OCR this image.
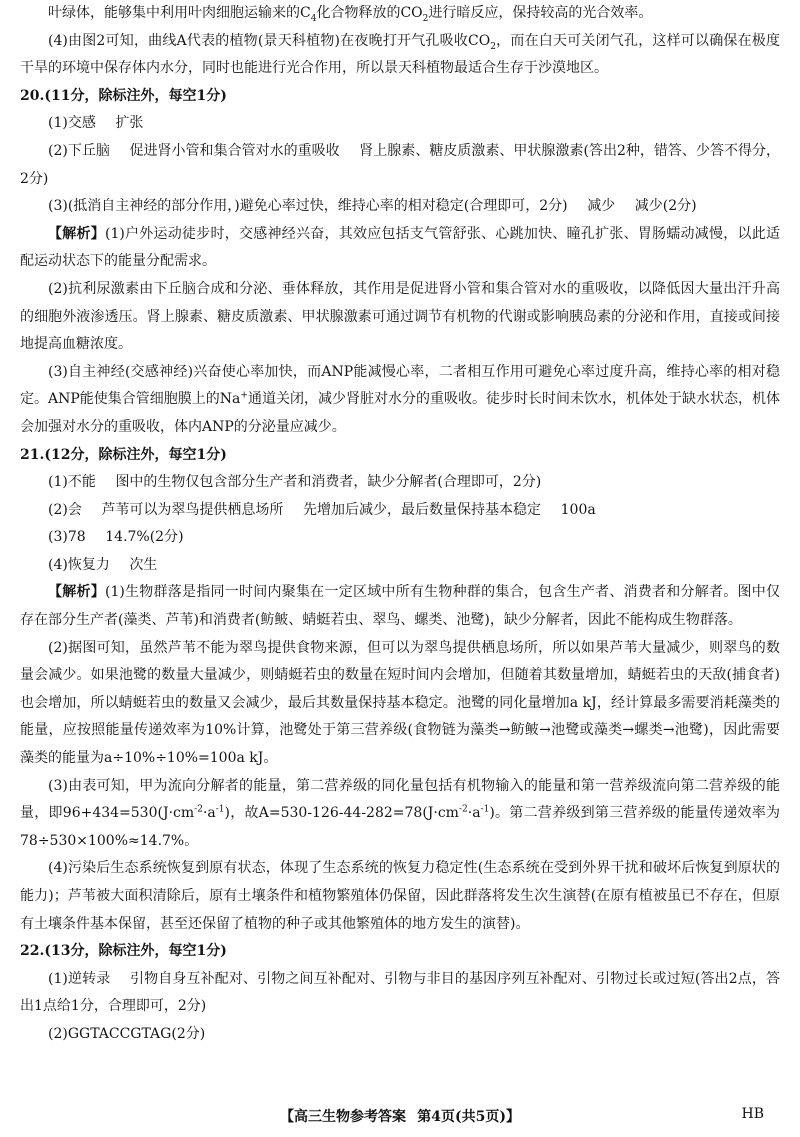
叶绿体，能够集中利用叶肉细胞运输来的$C_4$化合物释放的$CO_2$进行暗反应，保持较高的光合效率。

(4)由图2可知，曲线A代表的植物(景天科植物)在夜晚打开气孔吸收$CO_2$，而在白天可关闭气孔，这样可以确保在极度干旱的环境中保存体内水分，同时也能进行光合作用，所以景天科植物最适合生存于沙漠地区。

20.(11分，除标注外，每空1分)

(1)交感 扩张

(2)下丘脑 促进肾小管和集合管对水的重吸收 肾上腺素、糖皮质激素、甲状腺激素(答出2种，错答、少答不得分，2分)

(3)(抵消自主神经的部分作用，)避免心率过快，维持心率的相对稳定(合理即可，2分) 减少 减少(2分)

【解析】(1)户外运动徒步时，交感神经兴奋，其效应包括支气管舒张、心跳加快、瞳孔扩张、胃肠蠕动减慢，以此适配运动状态下的能量分配需求。

(2)抗利尿激素由下丘脑合成和分泌、垂体释放，其作用是促进肾小管和集合管对水的重吸收，以降低因大量出汗升高的细胞外液渗透压。肾上腺素、糖皮质激素、甲状腺激素可通过调节有机物的代谢或影响胰岛素的分泌和作用，直接或间接地提高血糖浓度。

(3)自主神经(交感神经)兴奋使心率加快，而ANP能减慢心率，二者相互作用可避免心率过度升高，维持心率的相对稳定。ANP能使集合管细胞膜上的Na+通道关闭，减少肾脏对水分的重吸收。徒步时长时间未饮水，机体处于缺水状态，机体会加强对水分的重吸收，体内ANP的分泌量应减少。

21.(12分，除标注外，每空1分)

(1)不能 图中的生物仅包含部分生产者和消费者，缺少分解者(合理即可，2分)

(2)会 芦苇可以为翠鸟提供栖息场所 先增加后减少，最后数量保持基本稳定 100a

(3)78 14.7%(2分)

(4)恢复力 次生

【解析】(1)生物群落是指同一时间内聚集在一定区域中所有生物种群的集合，包含生产者、消费者和分解者。图中仅存在部分生产者(藻类、芦苇)和消费者(鲂鲏、蜻蜓若虫、翠鸟、螺类、池鹭)，缺少分解者，因此不能构成生物群落。

(2)据图可知，虽然芦苇不能为翠鸟提供食物来源，但可以为翠鸟提供栖息场所，所以如果芦苇大量减少，则翠鸟的数量会减少。如果池鹭的数量大量减少，则蜻蜓若虫的数量在短时间内会增加，但随着其数量增加，蜻蜓若虫的天敌(捕食者)也会增加，所以蜻蜓若虫的数量又会减少，最后其数量保持基本稳定。池鹭的同化量增加a kJ，经计算最多需要消耗藻类的能量，应按照能量传递效率为10%计算，池鹭处于第三营养级(食物链为藻类→鲂鲏→池鹭或藻类→螺类→池鹭)，因此需要藻类的能量为a÷10%÷10%=100a kJ。

(3)由表可知，甲为流向分解者的能量，第二营养级的同化量包括有机物输入的能量和第一营养级流向第二营养级的能量，即$96+434=530(J\cdot cm^{-2}\cdot a^{-1})$，故$A=530-126-44-282=78(J\cdot cm^{-2}\cdot a^{-1})$。第二营养级到第三营养级的能量传递效率为78÷530×100%≈14.7%。

(4)污染后生态系统恢复到原有状态，体现了生态系统的恢复力稳定性(生态系统在受到外界干扰和破坏后恢复到原状的能力)；芦苇被大面积清除后，原有土壤条件和植物繁殖体仍保留，因此群落将发生次生演替(在原有植被虽已不存在，但原有土壤条件基本保留，甚至还保留了植物的种子或其他繁殖体的地方发生的演替)。

22.(13分，除标注外，每空1分)

(1)逆转录 引物自身互补配对、引物之间互补配对、引物与非目的基因序列互补配对、引物过长或过短(答出2点，答出1点给1分，合理即可，2分)

(2)GGTACCGTAG(2分)

【高三生物参考答案 第4页(共5页)】	HB
